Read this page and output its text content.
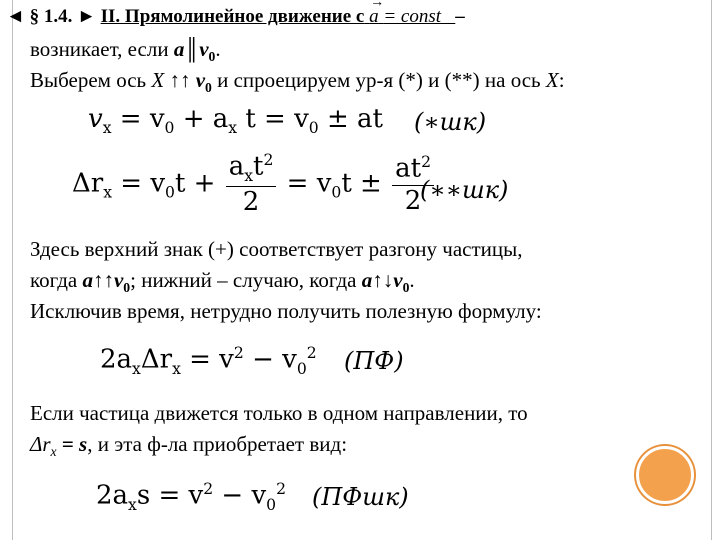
◄ § 1.4. ► II. Прямолинейное движение с
→
a = const –
возникает, если $a║v_0$.
Выберем ось X ↑↑ $v_0$ и спроецируем ур-я (*) и (**) на ось X:
$v_x = v_0 + a_x$ $t = v_0$ ± at (∗шк)
$\Delta r_x = v_0t + \frac{a_xt^2}{2} = v_0t \pm \frac{at^2}{2}$
(∗∗шк)
Здесь верхний знак (+) соответствует разгону частицы,
когда $a↑↑v_0$; нижний – случаю, когда $a↑↓v_0$.
Исключив время, нетрудно получить полезную формулу:
$2a_x\Delta r_x = v^2 - v_0^2$ (ПФ)
Если частица движется только в одном направлении, то
$\Delta r_x = s$, и эта ф-ла приобретает вид:
$2a_xs = v^2 - v_0^2$ (ПФшк)
